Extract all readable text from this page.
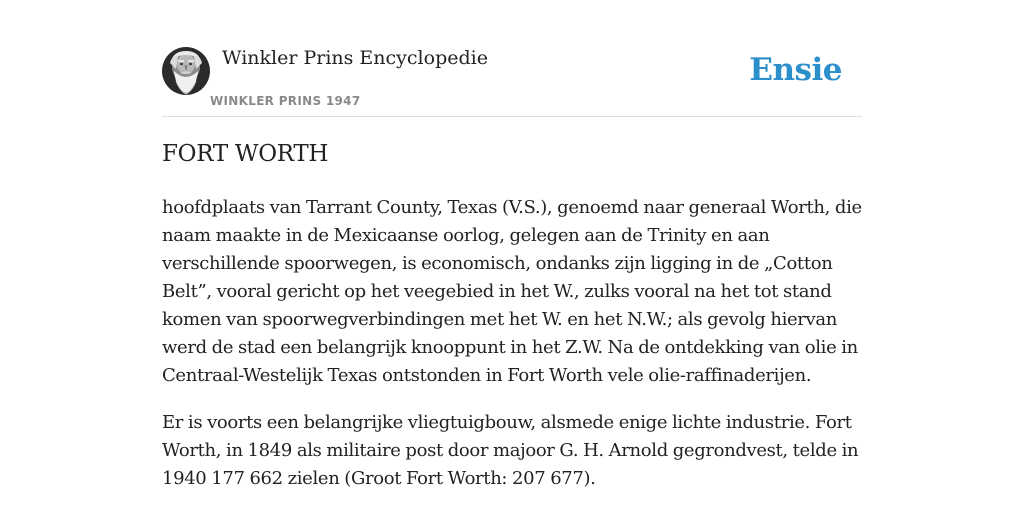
Winkler Prins Encyclopedie
WINKLER PRINS 1947
Ensie
FORT WORTH

hoofdplaats van Tarrant County, Texas (V.S.), genoemd naar generaal Worth, die naam maakte in de Mexicaanse oorlog, gelegen aan de Trinity en aan verschillende spoorwegen, is economisch, ondanks zijn ligging in de „Cotton Belt”, vooral gericht op het veegebied in het W., zulks vooral na het tot stand komen van spoorwegverbindingen met het W. en het N.W.; als gevolg hiervan werd de stad een belangrijk knooppunt in het Z.W. Na de ontdekking van olie in Centraal-Westelijk Texas ontstonden in Fort Worth vele olie-raffinaderijen.

Er is voorts een belangrijke vliegtuigbouw, alsmede enige lichte industrie. Fort Worth, in 1849 als militaire post door majoor G. H. Arnold gegrondvest, telde in 1940 177 662 zielen (Groot Fort Worth: 207 677).
